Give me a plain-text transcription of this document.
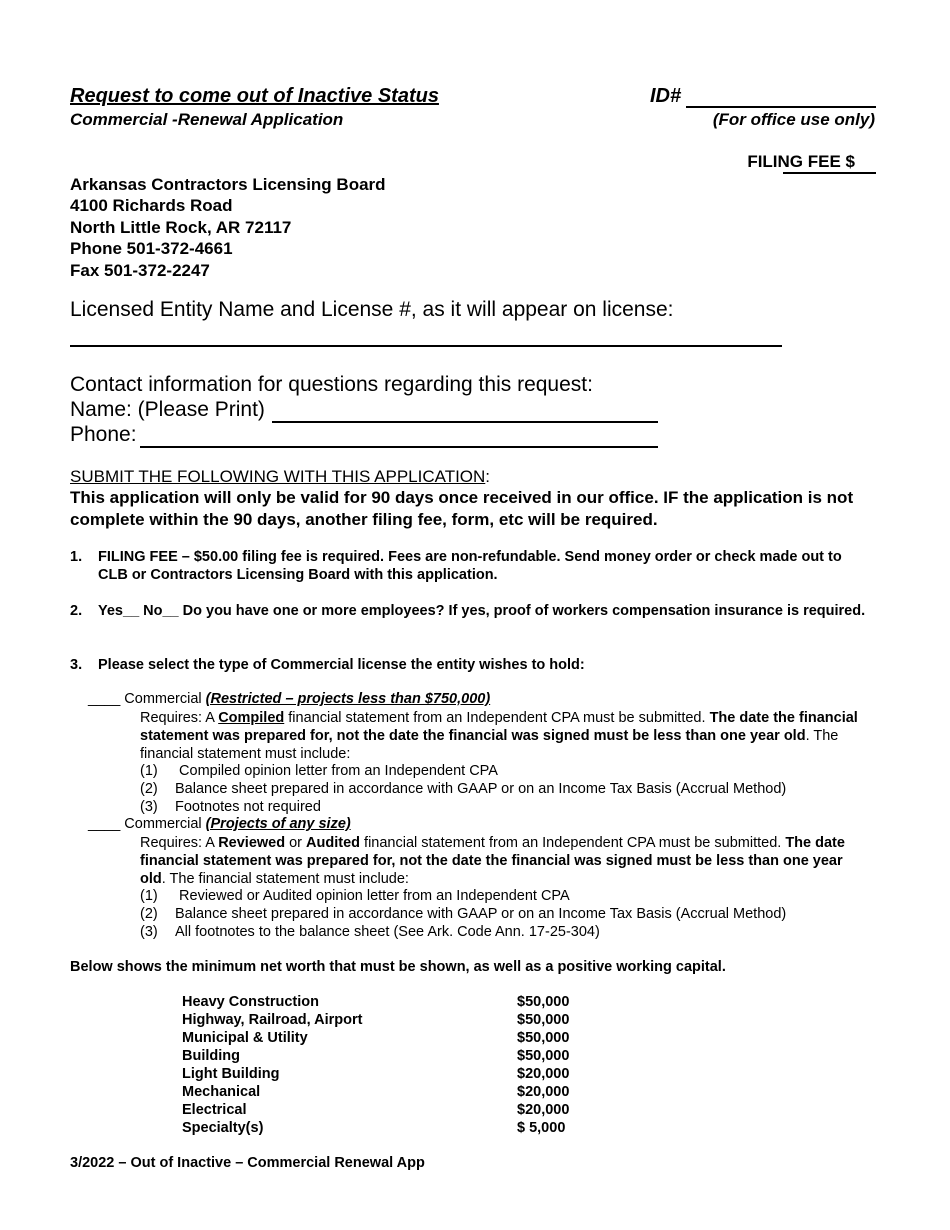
Request to come out of Inactive Status
Commercial -Renewal Application
ID#
(For office use only)
FILING FEE $
Arkansas Contractors Licensing Board
4100 Richards Road
North Little Rock, AR 72117
Phone 501-372-4661
Fax 501-372-2247
Licensed Entity Name and License #, as it will appear on license:
Contact information for questions regarding this request:
Name: (Please Print)
Phone:
SUBMIT THE FOLLOWING WITH THIS APPLICATION:
This application will only be valid for 90 days once received in our office. IF the application is not complete within the 90 days, another filing fee, form, etc will be required.
1. FILING FEE – $50.00 filing fee is required. Fees are non-refundable. Send money order or check made out to CLB or Contractors Licensing Board with this application.
2. Yes__ No__ Do you have one or more employees? If yes, proof of workers compensation insurance is required.
3. Please select the type of Commercial license the entity wishes to hold:
____ Commercial (Restricted – projects less than $750,000)
Requires: A Compiled financial statement from an Independent CPA must be submitted. The date the financial statement was prepared for, not the date the financial was signed must be less than one year old. The financial statement must include:
(1) Compiled opinion letter from an Independent CPA
(2) Balance sheet prepared in accordance with GAAP or on an Income Tax Basis (Accrual Method)
(3) Footnotes not required
____ Commercial (Projects of any size)
Requires: A Reviewed or Audited financial statement from an Independent CPA must be submitted. The date financial statement was prepared for, not the date the financial was signed must be less than one year old. The financial statement must include:
(1) Reviewed or Audited opinion letter from an Independent CPA
(2) Balance sheet prepared in accordance with GAAP or on an Income Tax Basis (Accrual Method)
(3) All footnotes to the balance sheet (See Ark. Code Ann. 17-25-304)
Below shows the minimum net worth that must be shown, as well as a positive working capital.
Heavy Construction	$50,000
Highway, Railroad, Airport	$50,000
Municipal & Utility	$50,000
Building	$50,000
Light Building	$20,000
Mechanical	$20,000
Electrical	$20,000
Specialty(s)	$ 5,000
3/2022 – Out of Inactive – Commercial Renewal App
